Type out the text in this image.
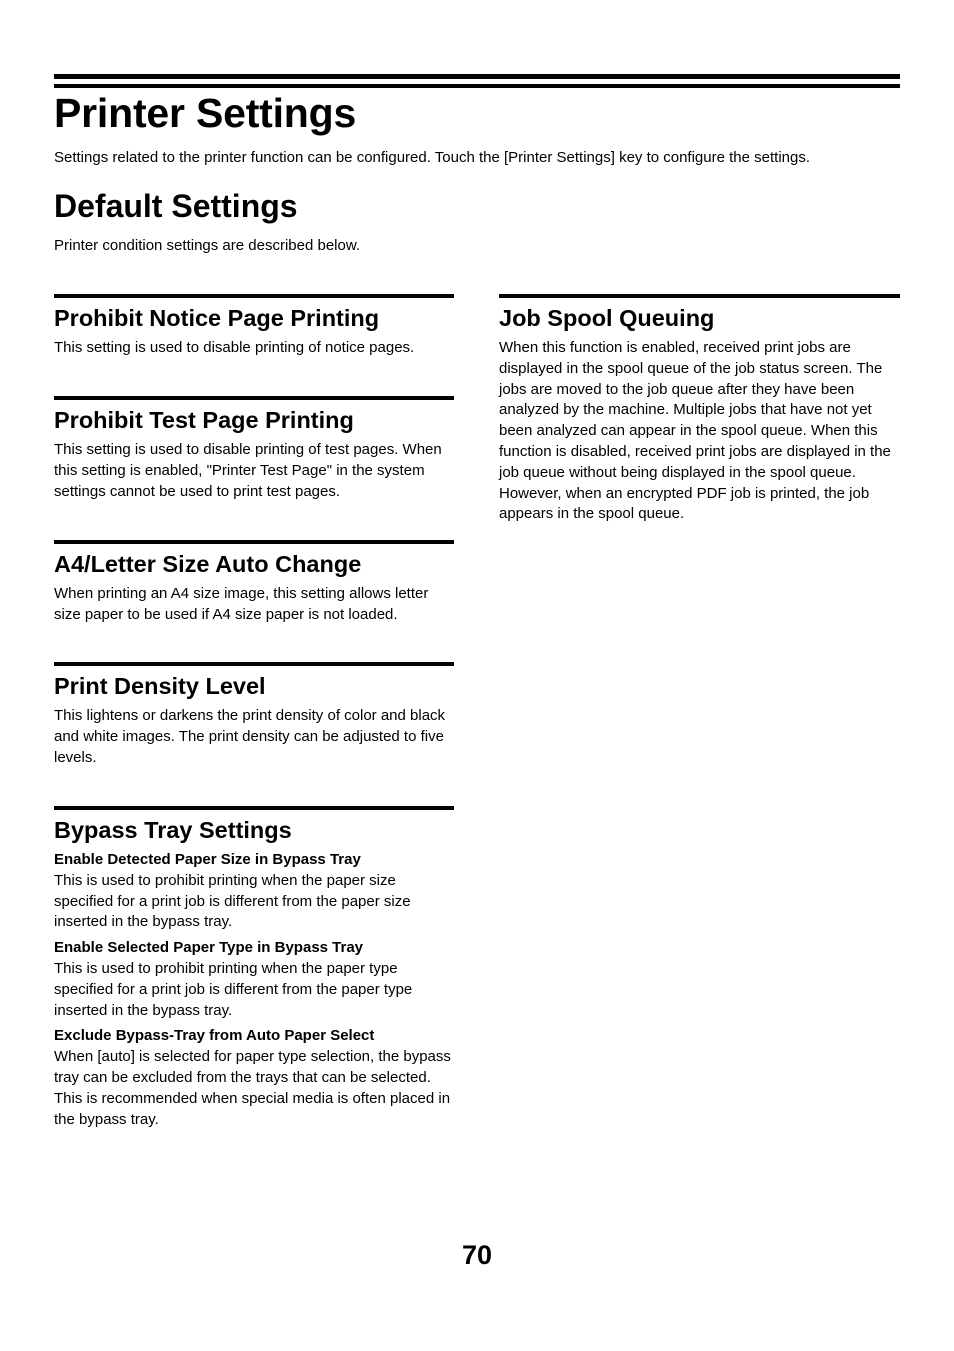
Printer Settings

Settings related to the printer function can be configured. Touch the [Printer Settings] key to configure the settings.

Default Settings

Printer condition settings are described below.

Prohibit Notice Page Printing

This setting is used to disable printing of notice pages.

Prohibit Test Page Printing

This setting is used to disable printing of test pages. When this setting is enabled, "Printer Test Page" in the system settings cannot be used to print test pages.

A4/Letter Size Auto Change

When printing an A4 size image, this setting allows letter size paper to be used if A4 size paper is not loaded.

Print Density Level

This lightens or darkens the print density of color and black and white images. The print density can be adjusted to five levels.

Bypass Tray Settings

Enable Detected Paper Size in Bypass Tray

This is used to prohibit printing when the paper size specified for a print job is different from the paper size inserted in the bypass tray.

Enable Selected Paper Type in Bypass Tray

This is used to prohibit printing when the paper type specified for a print job is different from the paper type inserted in the bypass tray.

Exclude Bypass-Tray from Auto Paper Select

When [auto] is selected for paper type selection, the bypass tray can be excluded from the trays that can be selected. This is recommended when special media is often placed in the bypass tray.

Job Spool Queuing

When this function is enabled, received print jobs are displayed in the spool queue of the job status screen. The jobs are moved to the job queue after they have been analyzed by the machine. Multiple jobs that have not yet been analyzed can appear in the spool queue. When this function is disabled, received print jobs are displayed in the job queue without being displayed in the spool queue. However, when an encrypted PDF job is printed, the job appears in the spool queue.

70
